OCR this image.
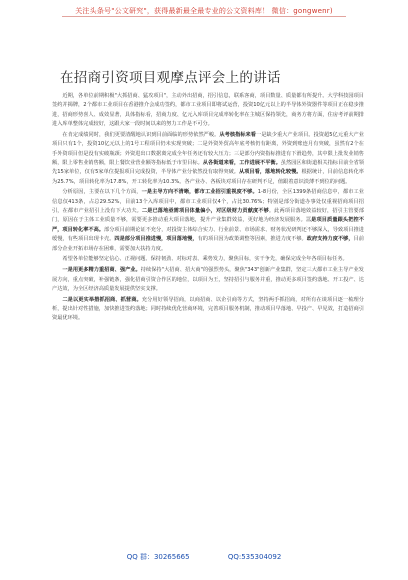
关注头条号"公文研究"，获得最新最全最专业的公文资料库！ 微信：gongwenr)
在招商引资项目观摩点评会上的讲话

近期，各单位前期积极"大抓招商、猛攻项目"，主动外出招商，招引信息，联系客商，项目数量、质量都有所提升。大学科技园项目签约并揭牌，2个都市工业项目在香港推介会成功签约，都市工业项目即将试运营，投资10亿元以上的半导体外资器件等项目正在稳步推进，招商形势喜人、成效显著，具体指标看，招商力度、亿元入库项目完成率转化率在主城区保持领先，商务方将方面，住房考评前期排进入库单整体完成较好，这跟大家一段时间以来的努力工作是不可分。

在肯定成绩同时，我们更要清醒地认识到目前面临的形势依然严峻。从考核指标来看一是缺少重大产业项目。投资超5亿元重大产业项目只有1个，投资10亿元以上的1号工程项目仍未实现突破；二是外资外贸高年底考核仍有距离，外资到账连月有突破，虽然有2个在手外资项目但是没有实破瓶颈；外资进出口数据离完成全年任务还有较大压力；三是部分内资指标推进有下滑趋势，其中限上批发业销售额，限上零售业销售额，限上餐饮业营业额等指标低于市里目标。从各街道来看，工作进展不平衡。虽然园区和街道相关指标目前全省领先15家单位，仅有5家单位提报项目完成投资，半导体产业分依然没有取得突破。从项目看，落地转化较慢。根据统计，目前信息转化率为25.7%，项目转化率为17.8%，开工转化率为10.3%。各产业办、各板块对项目存在研判不足，值跟着意识淡薄不到位的问题。

分析原因，主要在以下几个方面，一是主导方向不清晰，都市工业招引重视度不够。1-8月份，全区1399条招商信息中，都市工业信息仅413条，占总29.52%，目前13个入库项目中，都市工业项目仅4个，占比30.76%；特别是部分街道办事处仅重视招商项目招引，在都市产业招引上没有下大功夫。二是已落地亟需项目体量偏小，对区级财力贡献度不够。此两项目落地效益较好，招引主管要部门，原因在于主体工业质量不够，需要更多推动重大项目落地，提升产业集群效益，更好地为经济发展服务。三是项目质量跟头把控不严，项目转化率不高。部分项目前期论证不充分，对投资主体综合实力、行业前景、市场需求、财务状况研判还不够深入，导致项目推进缓慢，有些项目出现卡壳。四是部分项目推进慢，项目落地慢，有的项目因为政策调整等因素，推进力度不够。政府支持力度不够，目前部分企业开拓市场存在困难，需要加大扶持力度。

希望各单位能够坚定信心、正视问题、保持韧劲、对标对表、乘势发力，聚焦目标，实干争先，确保完成全年各项目标任务。

一是用更多精力重招商、强产业。持续保持"大招商、招大商"的强烈势头，聚焦"343"创新产业集群，坚定三大都市工业主导产业发展方向，重点突破，补强链条，强化招商引资合作区的地位，以项目为王，坚持招引与服务并重，推动更多项目签约落地、开工投产、达产达效，为全区经济高质量发展提供坚实支撑。

二是以更实举措抓招商、抓营商。充分用好领导招商，以商招商、以企引商等方式，坚持两手抓招商，对所有在谈项目逐一梳理分析，提出针对性措施，加快推进签约落地；同时持续优化营商环境，完善项目服务机制，推动项目早落地、早投产、早见效，打造招商引资最优环境。

QQ 群：30265665	QQ:535304092
